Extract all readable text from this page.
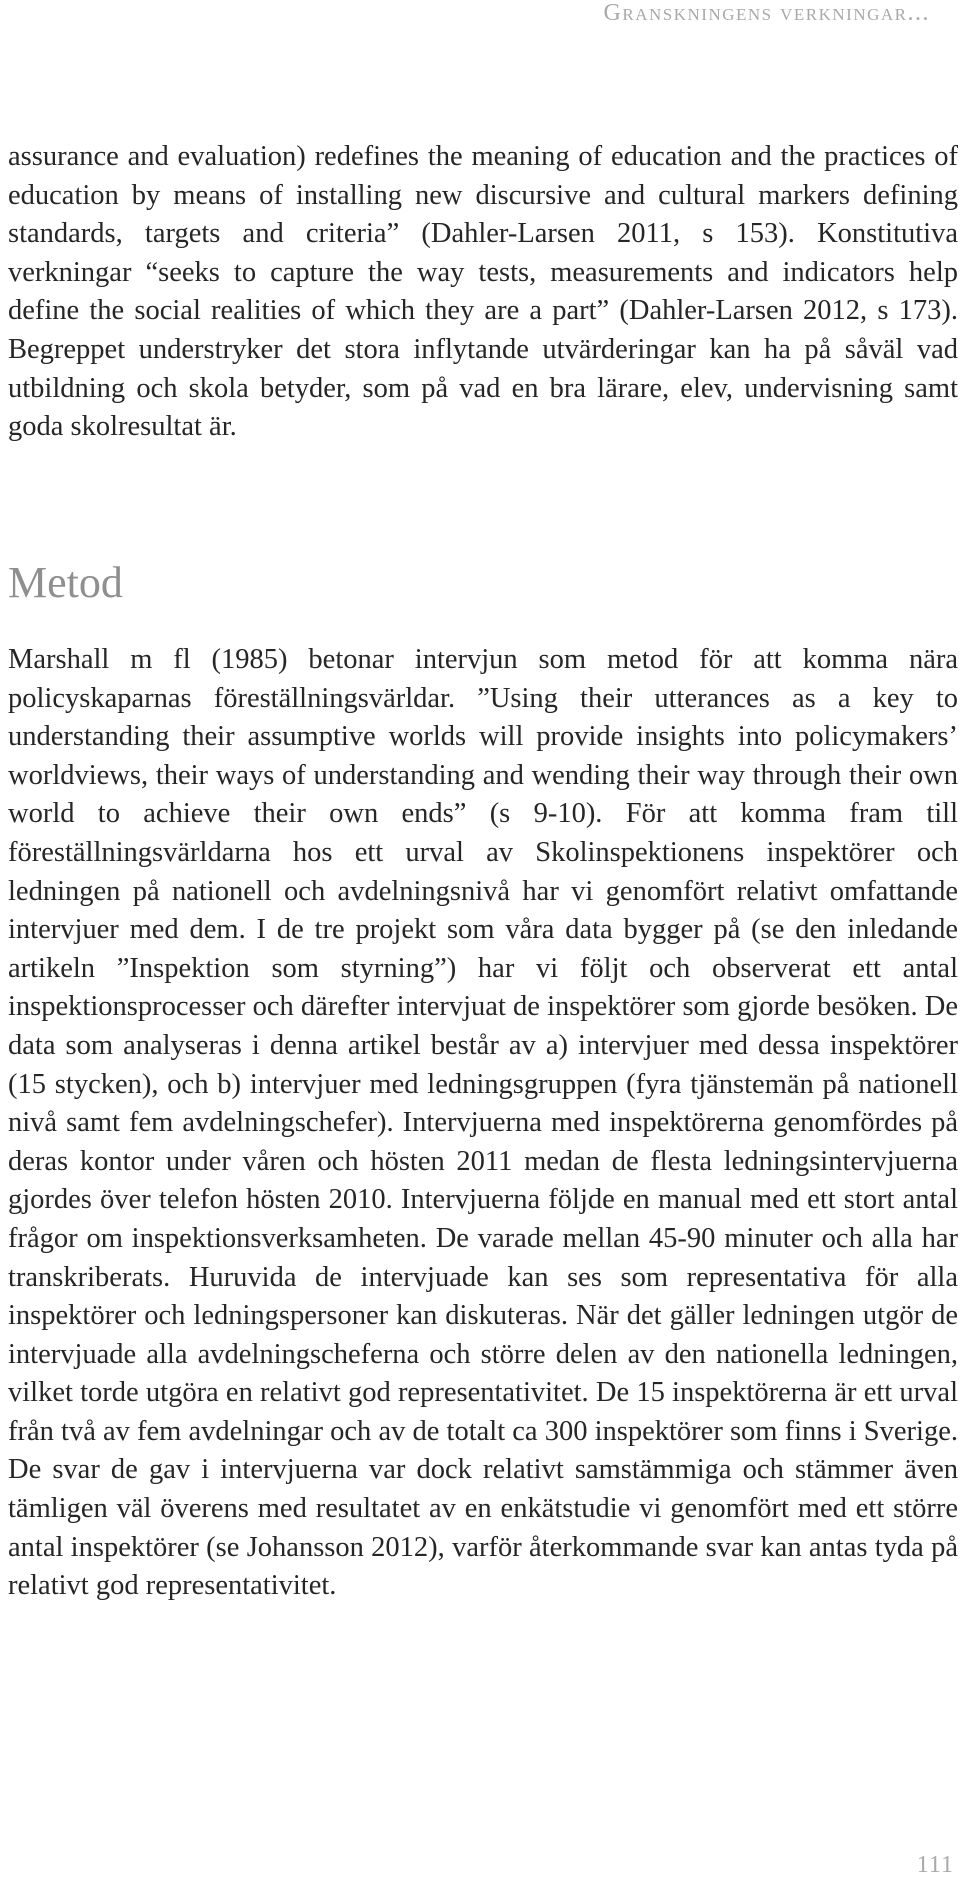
Granskningens verkningar...

assurance and evaluation) redefines the meaning of education and the practices of education by means of installing new discursive and cultural markers defining standards, targets and criteria” (Dahler-Larsen 2011, s 153). Konstitutiva verkningar “seeks to capture the way tests, measurements and indicators help define the social realities of which they are a part” (Dahler-Larsen 2012, s 173). Begreppet understryker det stora inflytande utvärderingar kan ha på såväl vad utbildning och skola betyder, som på vad en bra lärare, elev, undervisning samt goda skolresultat är.

Metod

Marshall m fl (1985) betonar intervjun som metod för att komma nära policyskaparnas föreställningsvärldar. ”Using their utterances as a key to understanding their assumptive worlds will provide insights into policymakers’ worldviews, their ways of understanding and wending their way through their own world to achieve their own ends” (s 9-10). För att komma fram till föreställningsvärldarna hos ett urval av Skolinspektionens inspektörer och ledningen på nationell och avdelningsnivå har vi genomfört relativt omfattande intervjuer med dem. I de tre projekt som våra data bygger på (se den inledande artikeln ”Inspektion som styrning”) har vi följt och observerat ett antal inspektionsprocesser och därefter intervjuat de inspektörer som gjorde besöken. De data som analyseras i denna artikel består av a) intervjuer med dessa inspektörer (15 stycken), och b) intervjuer med ledningsgruppen (fyra tjänstemän på nationell nivå samt fem avdelningschefer). Intervjuerna med inspektörerna genomfördes på deras kontor under våren och hösten 2011 medan de flesta ledningsintervjuerna gjordes över telefon hösten 2010. Intervjuerna följde en manual med ett stort antal frågor om inspektionsverksamheten. De varade mellan 45-90 minuter och alla har transkriberats. Huruvida de intervjuade kan ses som representativa för alla inspektörer och ledningspersoner kan diskuteras. När det gäller ledningen utgör de intervjuade alla avdelningscheferna och större delen av den nationella ledningen, vilket torde utgöra en relativt god representativitet. De 15 inspektörerna är ett urval från två av fem avdelningar och av de totalt ca 300 inspektörer som finns i Sverige. De svar de gav i intervjuerna var dock relativt samstämmiga och stämmer även tämligen väl överens med resultatet av en enkätstudie vi genomfört med ett större antal inspektörer (se Johansson 2012), varför återkommande svar kan antas tyda på relativt god representativitet.

111
